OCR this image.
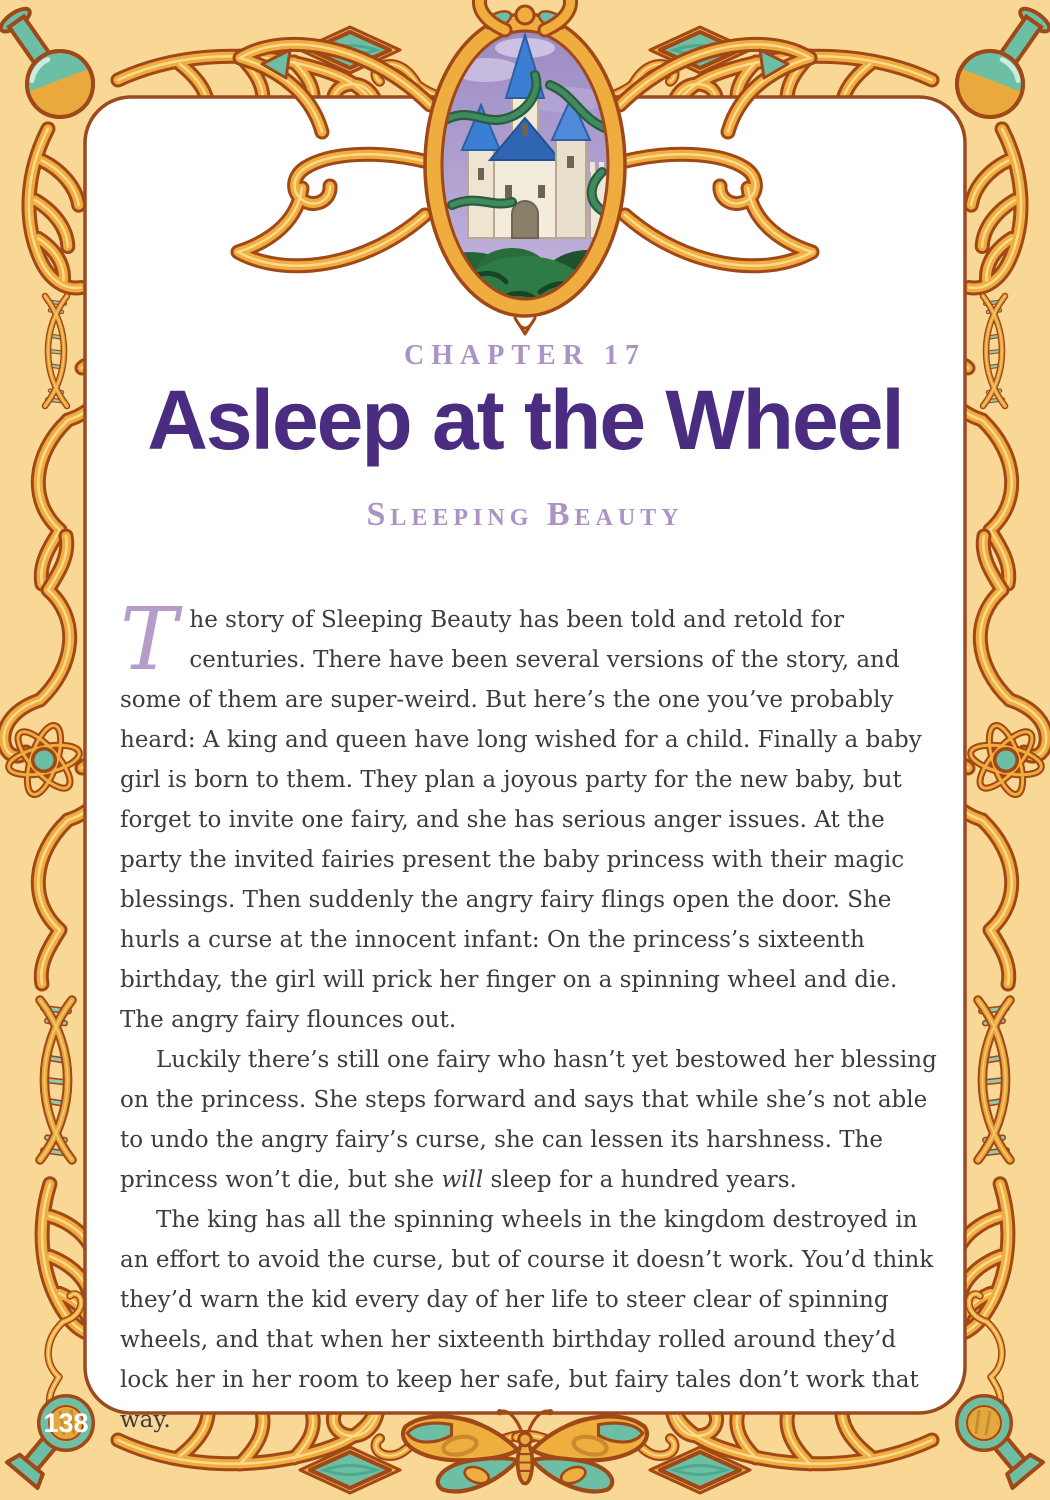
CHAPTER 17
Asleep at the Wheel
Sleeping Beauty

The story of Sleeping Beauty has been told and retold for centuries. There have been several versions of the story, and some of them are super-weird. But here’s the one you’ve probably heard: A king and queen have long wished for a child. Finally a baby girl is born to them. They plan a joyous party for the new baby, but forget to invite one fairy, and she has serious anger issues. At the party the invited fairies present the baby princess with their magic blessings. Then suddenly the angry fairy flings open the door. She hurls a curse at the innocent infant: On the princess’s sixteenth birthday, the girl will prick her finger on a spinning wheel and die. The angry fairy flounces out.

Luckily there’s still one fairy who hasn’t yet bestowed her blessing on the princess. She steps forward and says that while she’s not able to undo the angry fairy’s curse, she can lessen its harshness. The princess won’t die, but she will sleep for a hundred years.

The king has all the spinning wheels in the kingdom destroyed in an effort to avoid the curse, but of course it doesn’t work. You’d think they’d warn the kid every day of her life to steer clear of spinning wheels, and that when her sixteenth birthday rolled around they’d lock her in her room to keep her safe, but fairy tales don’t work that way.

138
